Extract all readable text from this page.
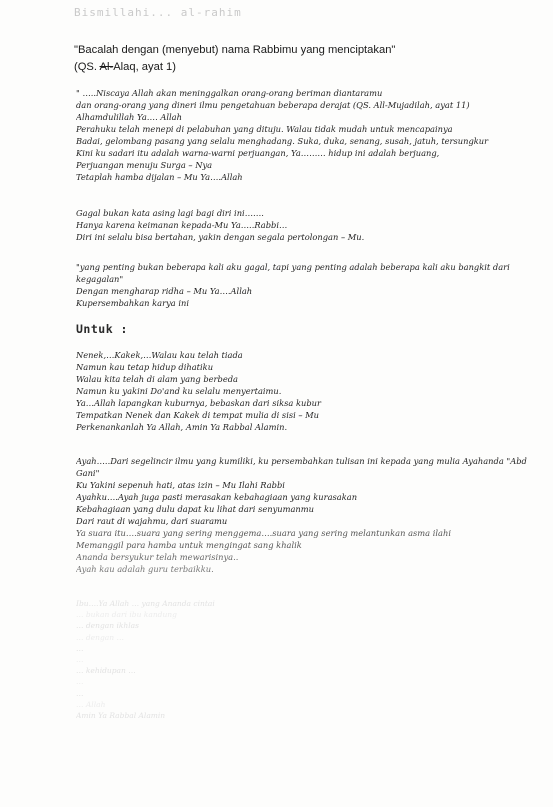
Bismillahi... al-rahim
"Bacalah dengan (menyebut) nama Rabbimu yang menciptakan"
(QS. Al-Alaq, ayat 1)
" …..Niscaya Allah akan meninggalkan orang-orang beriman diantaramu
dan orang-orang yang dineri ilmu pengetahuan beberapa derajat (QS. All-Mujadilah, ayat 11)
Alhamdulillah Ya…. Allah
Perahuku telah menepi di pelabuhan yang dituju. Walau tidak mudah untuk mencapainya
Badai, gelombang pasang yang selalu menghadang. Suka, duka, senang, susah, jatuh, tersungkur
Kini ku sadari itu adalah warna-warni perjuangan, Ya……… hidup ini adalah berjuang,
Perjuangan menuju Surga – Nya
Tetaplah hamba dijalan – Mu Ya….Allah
Gagal bukan kata asing lagi bagi diri ini…….
Hanya karena keimanan kepada-Mu Ya…..Rabbi…
Diri ini selalu bisa bertahan, yakin dengan segala pertolongan – Mu.
"yang penting bukan beberapa kali aku gagal, tapi yang penting adalah beberapa kali aku bangkit dari
kegagalan"
Dengan mengharap ridha – Mu Ya….Allah
Kupersembahkan karya ini
Untuk :
Nenek,…Kakek,…Walau kau telah tiada
Namun kau tetap hidup dihatiku
Walau kita telah di alam yang berbeda
Namun ku yakini Do'and ku selalu menyertaimu.
Ya…Allah lapangkan kuburnya, bebaskan dari siksa kubur
Tempatkan Nenek dan Kakek di tempat mulia di sisi – Mu
Perkenankanlah Ya Allah, Amin Ya Rabbal Alamin.
Ayah…..Dari segelincir ilmu yang kumiliki, ku persembahkan tulisan ini kepada yang mulia Ayahanda "Abd
Gani"
Ku Yakini sepenuh hati, atas izin – Mu Ilahi Rabbi
Ayahku….Ayah juga pasti merasakan kebahagiaan yang kurasakan
Kebahagiaan yang dulu dapat ku lihat dari senyumanmu
Dari raut di wajahmu, dari suaramu
Ya suara itu….suara yang sering menggema….suara yang sering melantunkan asma ilahi
Memanggil para hamba untuk mengingat sang khalik
Ananda bersyukur telah mewarisinya..
Ayah kau adalah guru terbaikku.
Ibu….Ya Allah … yang Ananda cintai
… bukan dari ibu kandung
… dengan ikhlas
… dengan …
…
…
… kehidupan …
…
…
… Allah
Amin Ya Rabbal Alamin
